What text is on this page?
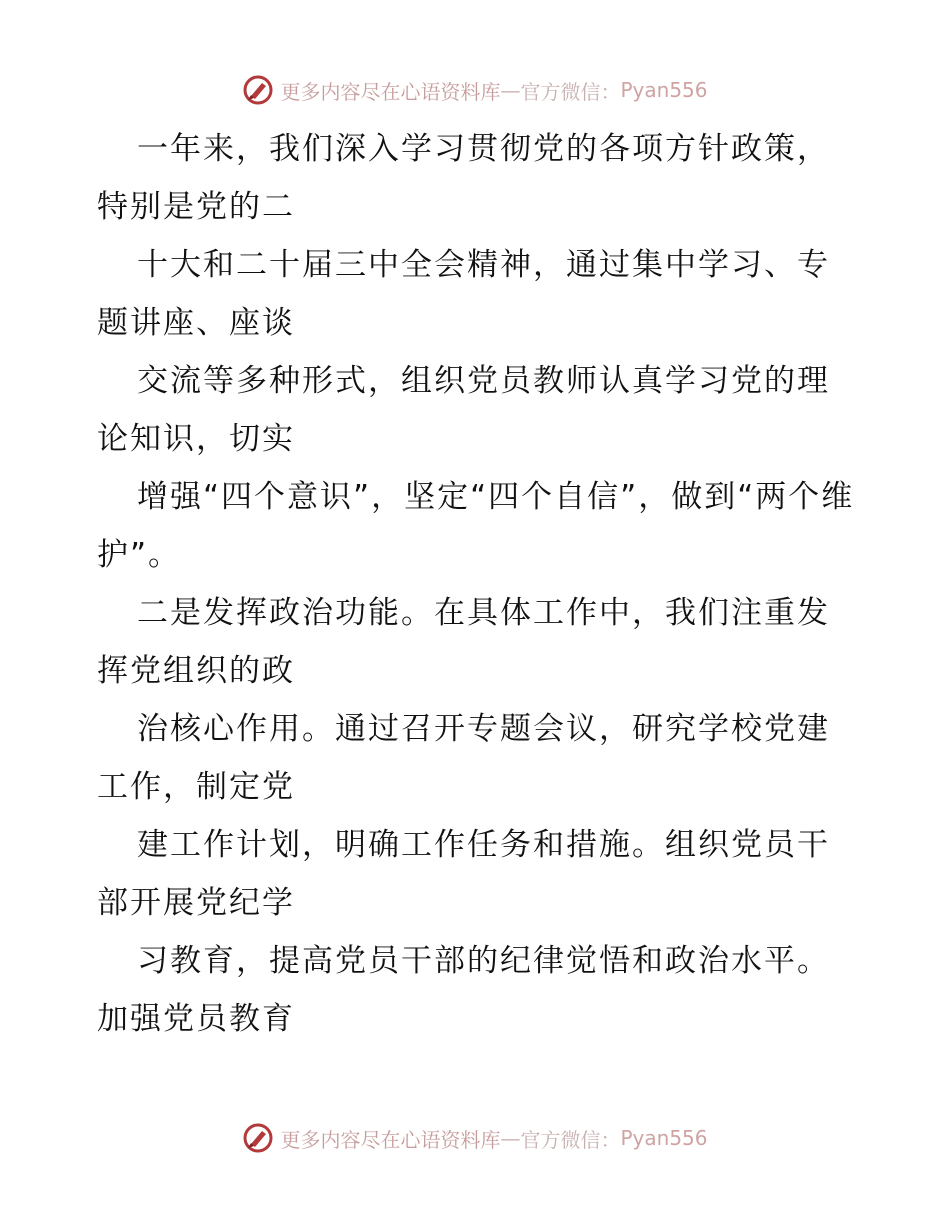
更多内容尽在心语资料库 — 官方微信： Pyan556

一年来，我们深入学习贯彻党的各项方针政策，特别是党的二

十大和二十届三中全会精神，通过集中学习、专题讲座、座谈

交流等多种形式，组织党员教师认真学习党的理论知识，切实

增强“四个意识”，坚定“四个自信”，做到“两个维护”。

二是发挥政治功能。在具体工作中，我们注重发挥党组织的政

治核心作用。通过召开专题会议，研究学校党建工作，制定党

建工作计划，明确工作任务和措施。组织党员干部开展党纪学

习教育，提高党员干部的纪律觉悟和政治水平。加强党员教育

更多内容尽在心语资料库 — 官方微信： Pyan556
